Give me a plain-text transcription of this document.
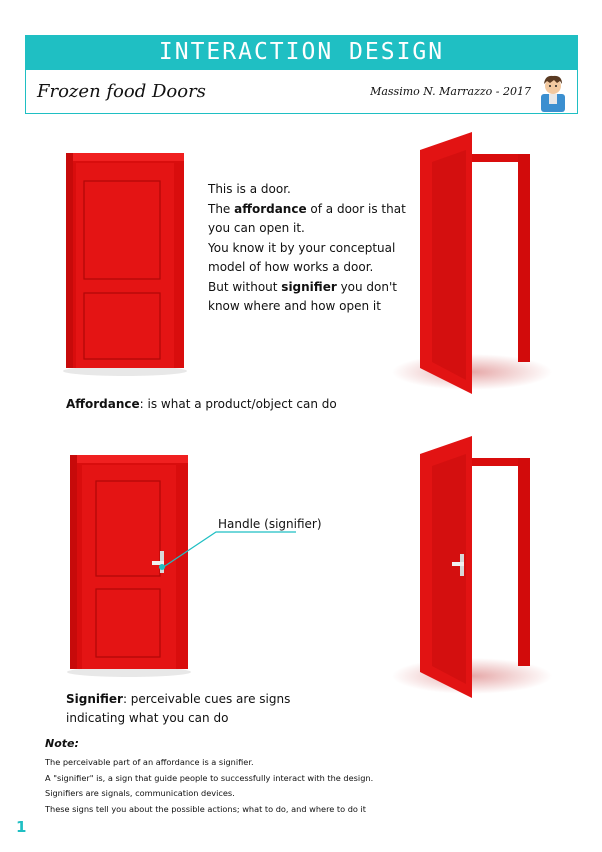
INTERACTION DESIGN
Frozen food Doors	Massimo N. Marrazzo - 2017
This is a door.
The affordance of a door is that
you can open it.
You know it by your conceptual
model of how works a door.
But without signifier you don't
know where and how open it
Affordance: is what a product/object can do
Handle (signifier)
Signifier: perceivable cues are signs indicating what you can do
Note:
The perceivable part of an affordance is a signifier.
A "signifier" is, a sign that guide people to successfully interact with the design.
Signifiers are signals, communication devices.
These signs tell you about the possible actions; what to do, and where to do it
1
